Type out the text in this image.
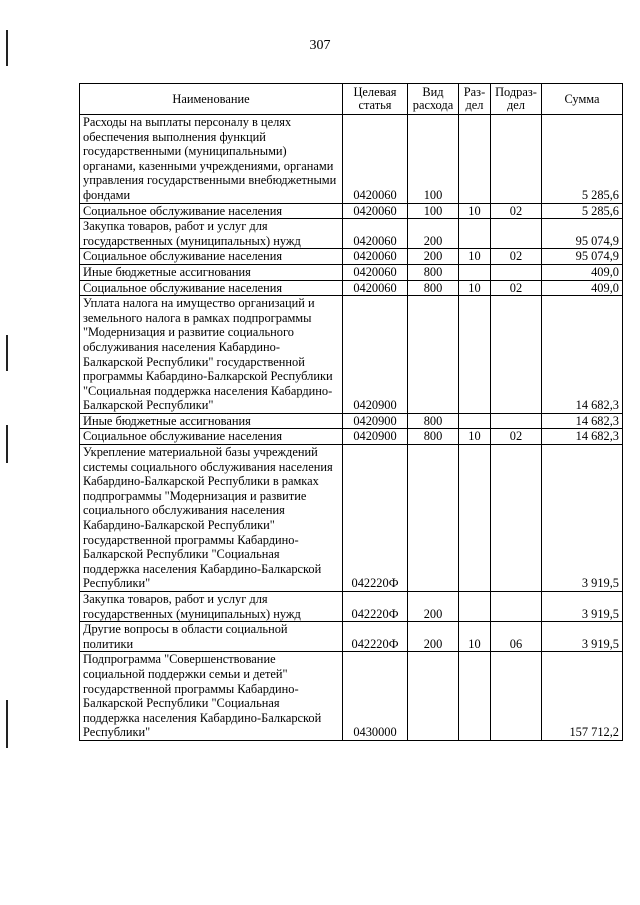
307
Наименование	Целевая статья	Вид расхода	Раз-дел	Подраз-дел	Сумма
Расходы на выплаты персоналу в целях обеспечения выполнения функций государственными (муниципальными) органами, казенными учреждениями, органами управления государственными внебюджетными фондами	0420060	100			5 285,6
Социальное обслуживание населения	0420060	100	10	02	5 285,6
Закупка товаров, работ и услуг для государственных (муниципальных) нужд	0420060	200			95 074,9
Социальное обслуживание населения	0420060	200	10	02	95 074,9
Иные бюджетные ассигнования	0420060	800			409,0
Социальное обслуживание населения	0420060	800	10	02	409,0
Уплата налога на имущество организаций и земельного налога в рамках подпрограммы "Модернизация и развитие социального обслуживания населения Кабардино-Балкарской Республики" государственной программы Кабардино-Балкарской Республики "Социальная поддержка населения Кабардино-Балкарской Республики"	0420900				14 682,3
Иные бюджетные ассигнования	0420900	800			14 682,3
Социальное обслуживание населения	0420900	800	10	02	14 682,3
Укрепление материальной базы учреждений системы социального обслуживания населения Кабардино-Балкарской Республики в рамках подпрограммы "Модернизация и развитие социального обслуживания населения Кабардино-Балкарской Республики" государственной программы Кабардино-Балкарской Республики "Социальная поддержка населения Кабардино-Балкарской Республики"	042220Ф				3 919,5
Закупка товаров, работ и услуг для государственных (муниципальных) нужд	042220Ф	200			3 919,5
Другие вопросы в области социальной политики	042220Ф	200	10	06	3 919,5
Подпрограмма "Совершенствование социальной поддержки семьи и детей" государственной программы Кабардино-Балкарской Республики "Социальная поддержка населения Кабардино-Балкарской Республики"	0430000				157 712,2
